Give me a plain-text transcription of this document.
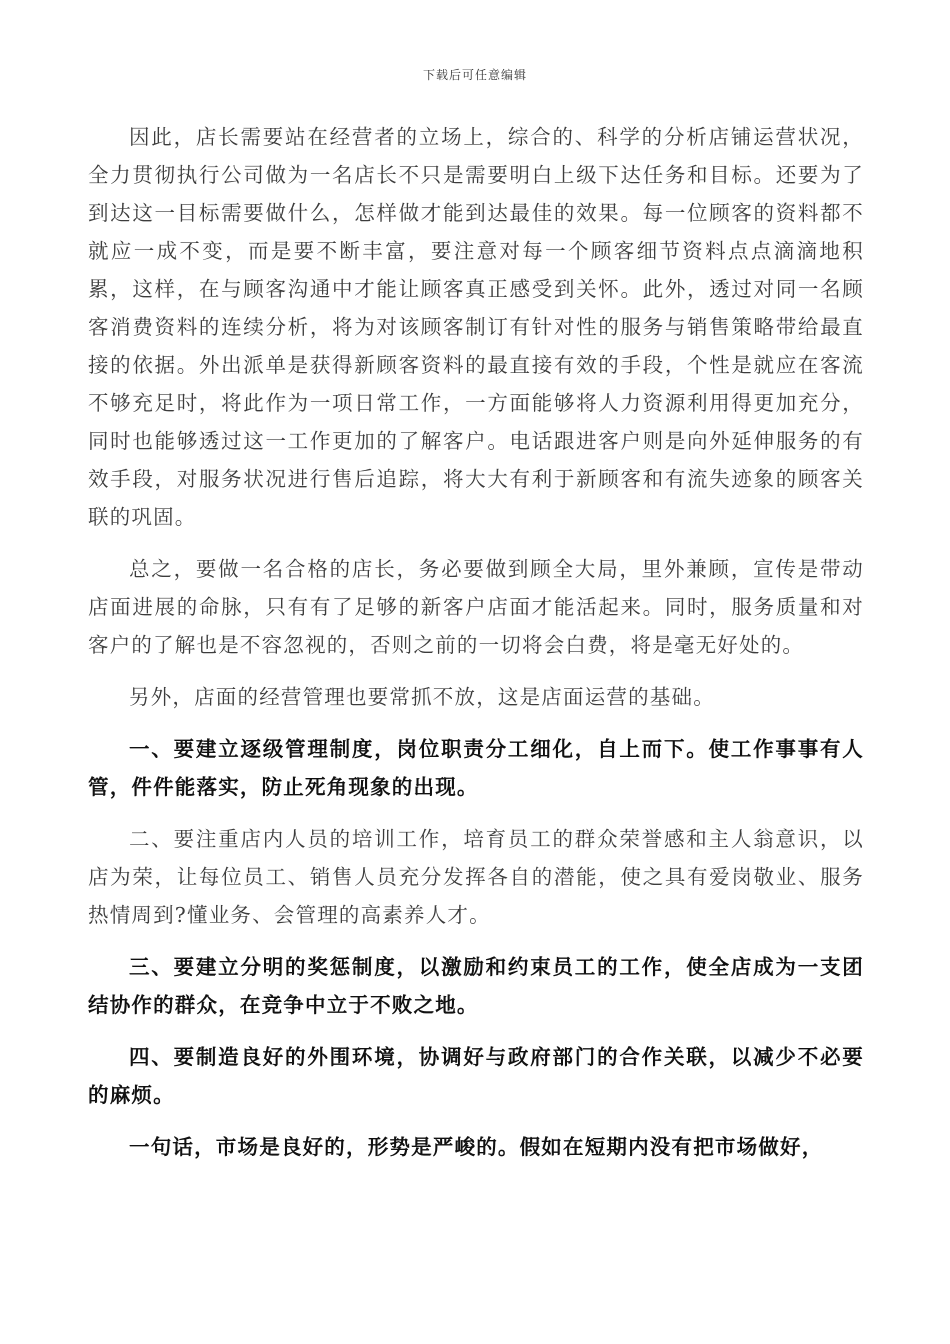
下载后可任意编辑

因此，店长需要站在经营者的立场上，综合的、科学的分析店铺运营状况，全力贯彻执行公司做为一名店长不只是需要明白上级下达任务和目标。还要为了到达这一目标需要做什么，怎样做才能到达最佳的效果。每一位顾客的资料都不就应一成不变，而是要不断丰富，要注意对每一个顾客细节资料点点滴滴地积累，这样，在与顾客沟通中才能让顾客真正感受到关怀。此外，透过对同一名顾客消费资料的连续分析，将为对该顾客制订有针对性的服务与销售策略带给最直接的依据。外出派单是获得新顾客资料的最直接有效的手段，个性是就应在客流不够充足时，将此作为一项日常工作，一方面能够将人力资源利用得更加充分，同时也能够透过这一工作更加的了解客户。电话跟进客户则是向外延伸服务的有效手段，对服务状况进行售后追踪，将大大有利于新顾客和有流失迹象的顾客关联的巩固。

总之，要做一名合格的店长，务必要做到顾全大局，里外兼顾，宣传是带动店面进展的命脉，只有有了足够的新客户店面才能活起来。同时，服务质量和对客户的了解也是不容忽视的，否则之前的一切将会白费，将是毫无好处的。

另外，店面的经营管理也要常抓不放，这是店面运营的基础。

一、要建立逐级管理制度，岗位职责分工细化，自上而下。使工作事事有人管，件件能落实，防止死角现象的出现。

二、要注重店内人员的培训工作，培育员工的群众荣誉感和主人翁意识，以店为荣，让每位员工、销售人员充分发挥各自的潜能，使之具有爱岗敬业、服务热情周到?懂业务、会管理的高素养人才。

三、要建立分明的奖惩制度，以激励和约束员工的工作，使全店成为一支团结协作的群众，在竞争中立于不败之地。

四、要制造良好的外围环境，协调好与政府部门的合作关联，以减少不必要的麻烦。

一句话，市场是良好的，形势是严峻的。假如在短期内没有把市场做好，
